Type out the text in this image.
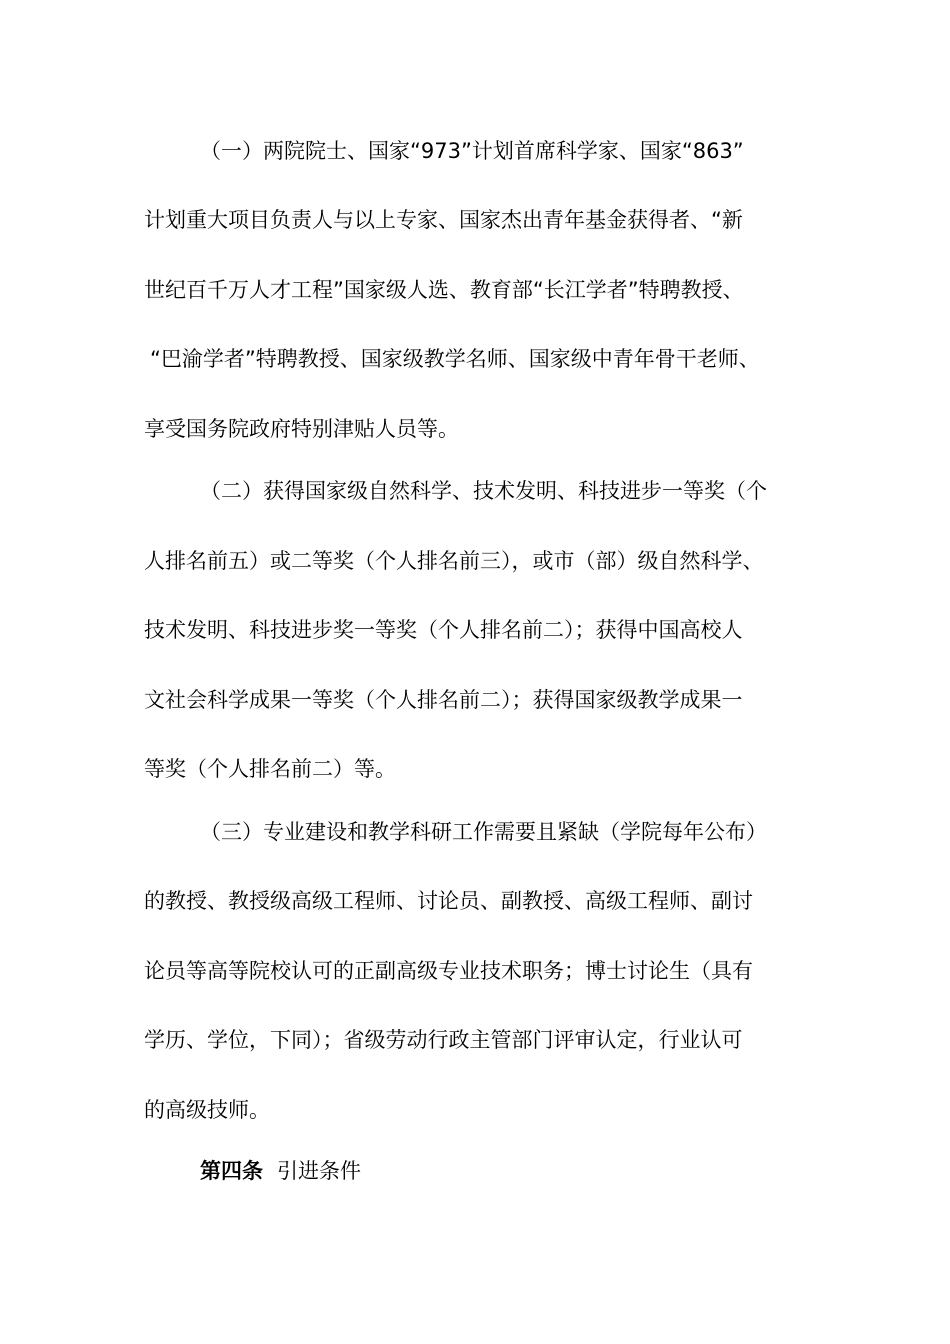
（一）两院院士、国家“973”计划首席科学家、国家“863”
计划重大项目负责人与以上专家、国家杰出青年基金获得者、“新
世纪百千万人才工程”国家级人选、教育部“长江学者”特聘教授、
“巴渝学者”特聘教授、国家级教学名师、国家级中青年骨干老师、
享受国务院政府特别津贴人员等。
（二）获得国家级自然科学、技术发明、科技进步一等奖（个
人排名前五）或二等奖（个人排名前三），或市（部）级自然科学、
技术发明、科技进步奖一等奖（个人排名前二）；获得中国高校人
文社会科学成果一等奖（个人排名前二）；获得国家级教学成果一
等奖（个人排名前二）等。
（三）专业建设和教学科研工作需要且紧缺（学院每年公布）
的教授、教授级高级工程师、讨论员、副教授、高级工程师、副讨
论员等高等院校认可的正副高级专业技术职务；博士讨论生（具有
学历、学位，下同）；省级劳动行政主管部门评审认定，行业认可
的高级技师。
第四条 引进条件
